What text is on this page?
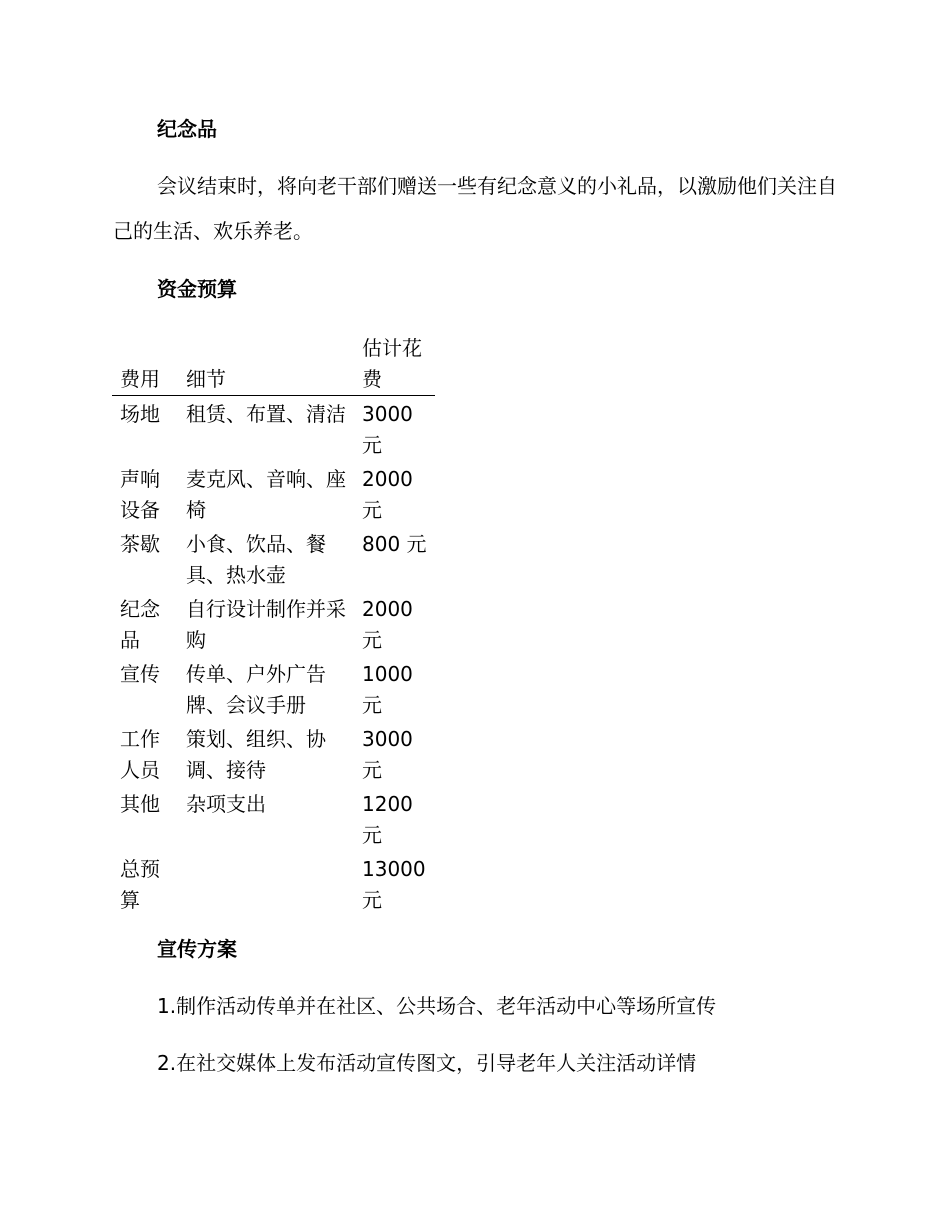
纪念品

会议结束时，将向老干部们赠送一些有纪念意义的小礼品，以激励他们关注自己的生活、欢乐养老。

资金预算
费用	细节	估计花费
场地	租赁、布置、清洁	3000元
声响设备	麦克风、音响、座椅	2000元
茶歇	小食、饮品、餐具、热水壶	800 元
纪念品	自行设计制作并采购	2000元
宣传	传单、户外广告牌、会议手册	1000元
工作人员	策划、组织、协调、接待	3000元
其他	杂项支出	1200元
总预算		13000元
宣传方案

1.制作活动传单并在社区、公共场合、老年活动中心等场所宣传

2.在社交媒体上发布活动宣传图文，引导老年人关注活动详情
